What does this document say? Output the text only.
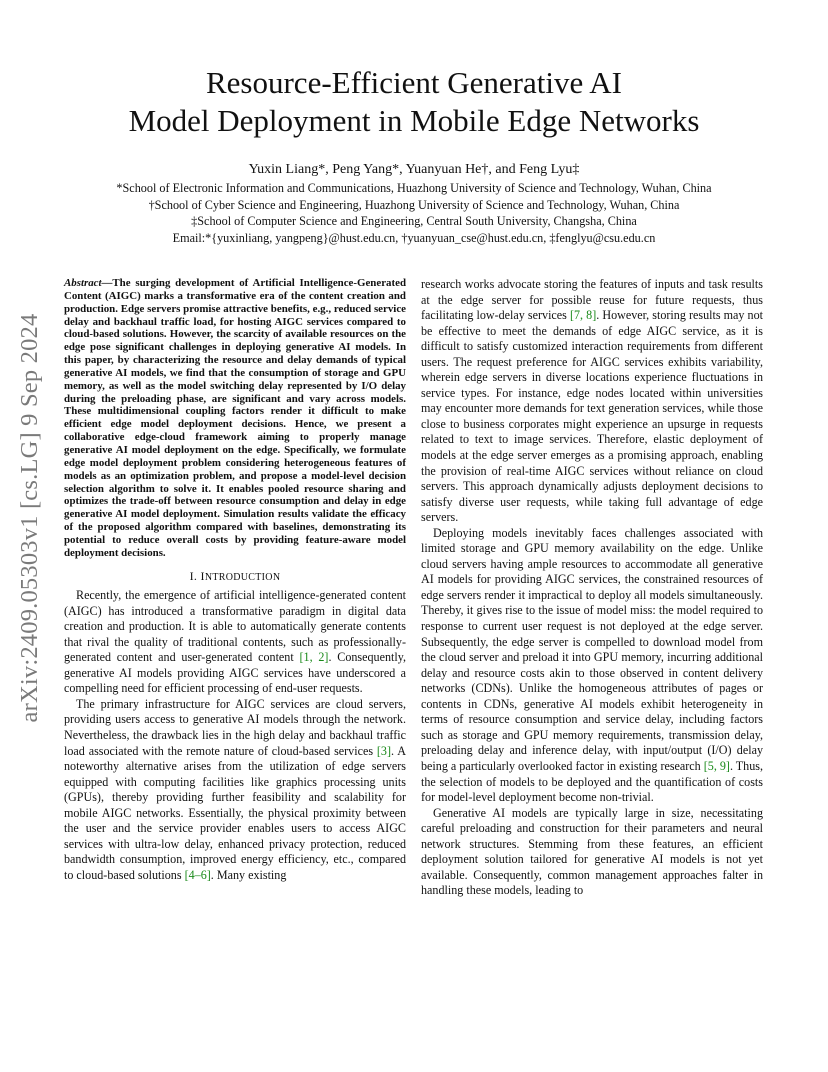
arXiv:2409.05303v1 [cs.LG] 9 Sep 2024
Resource-Efficient Generative AI
Model Deployment in Mobile Edge Networks
Yuxin Liang*, Peng Yang*, Yuanyuan He†, and Feng Lyu‡
*School of Electronic Information and Communications, Huazhong University of Science and Technology, Wuhan, China
†School of Cyber Science and Engineering, Huazhong University of Science and Technology, Wuhan, China
‡School of Computer Science and Engineering, Central South University, Changsha, China
Email:*{yuxinliang, yangpeng}@hust.edu.cn, †yuanyuan_cse@hust.edu.cn, ‡fenglyu@csu.edu.cn

Abstract—The surging development of Artificial Intelligence-Generated Content (AIGC) marks a transformative era of the content creation and production. Edge servers promise attractive benefits, e.g., reduced service delay and backhaul traffic load, for hosting AIGC services compared to cloud-based solutions. However, the scarcity of available resources on the edge pose significant challenges in deploying generative AI models. In this paper, by characterizing the resource and delay demands of typical generative AI models, we find that the consumption of storage and GPU memory, as well as the model switching delay represented by I/O delay during the preloading phase, are significant and vary across models. These multidimensional coupling factors render it difficult to make efficient edge model deployment decisions. Hence, we present a collaborative edge-cloud framework aiming to properly manage generative AI model deployment on the edge. Specifically, we formulate edge model deployment problem considering heterogeneous features of models as an optimization problem, and propose a model-level decision selection algorithm to solve it. It enables pooled resource sharing and optimizes the trade-off between resource consumption and delay in edge generative AI model deployment. Simulation results validate the efficacy of the proposed algorithm compared with baselines, demonstrating its potential to reduce overall costs by providing feature-aware model deployment decisions.

I. INTRODUCTION

Recently, the emergence of artificial intelligence-generated content (AIGC) has introduced a transformative paradigm in digital data creation and production. It is able to automatically generate contents that rival the quality of traditional contents, such as professionally-generated content and user-generated content [1, 2]. Consequently, generative AI models providing AIGC services have underscored a compelling need for efficient processing of end-user requests.

The primary infrastructure for AIGC services are cloud servers, providing users access to generative AI models through the network. Nevertheless, the drawback lies in the high delay and backhaul traffic load associated with the remote nature of cloud-based services [3]. A noteworthy alternative arises from the utilization of edge servers equipped with computing facilities like graphics processing units (GPUs), thereby providing further feasibility and scalability for mobile AIGC networks. Essentially, the physical proximity between the user and the service provider enables users to access AIGC services with ultra-low delay, enhanced privacy protection, reduced bandwidth consumption, improved energy efficiency, etc., compared to cloud-based solutions [4–6]. Many existing

research works advocate storing the features of inputs and task results at the edge server for possible reuse for future requests, thus facilitating low-delay services [7, 8]. However, storing results may not be effective to meet the demands of edge AIGC service, as it is difficult to satisfy customized interaction requirements from different users. The request preference for AIGC services exhibits variability, wherein edge servers in diverse locations experience fluctuations in service types. For instance, edge nodes located within universities may encounter more demands for text generation services, while those close to business corporates might experience an upsurge in requests related to text to image services. Therefore, elastic deployment of models at the edge server emerges as a promising approach, enabling the provision of real-time AIGC services without reliance on cloud servers. This approach dynamically adjusts deployment decisions to satisfy diverse user requests, while taking full advantage of edge servers.

Deploying models inevitably faces challenges associated with limited storage and GPU memory availability on the edge. Unlike cloud servers having ample resources to accommodate all generative AI models for providing AIGC services, the constrained resources of edge servers render it impractical to deploy all models simultaneously. Thereby, it gives rise to the issue of model miss: the model required to response to current user request is not deployed at the edge server. Subsequently, the edge server is compelled to download model from the cloud server and preload it into GPU memory, incurring additional delay and resource costs akin to those observed in content delivery networks (CDNs). Unlike the homogeneous attributes of pages or contents in CDNs, generative AI models exhibit heterogeneity in terms of resource consumption and service delay, including factors such as storage and GPU memory requirements, transmission delay, preloading delay and inference delay, with input/output (I/O) delay being a particularly overlooked factor in existing research [5, 9]. Thus, the selection of models to be deployed and the quantification of costs for model-level deployment become non-trivial.

Generative AI models are typically large in size, necessitating careful preloading and construction for their parameters and neural network structures. Stemming from these features, an efficient deployment solution tailored for generative AI models is not yet available. Consequently, common management approaches falter in handling these models, leading to
